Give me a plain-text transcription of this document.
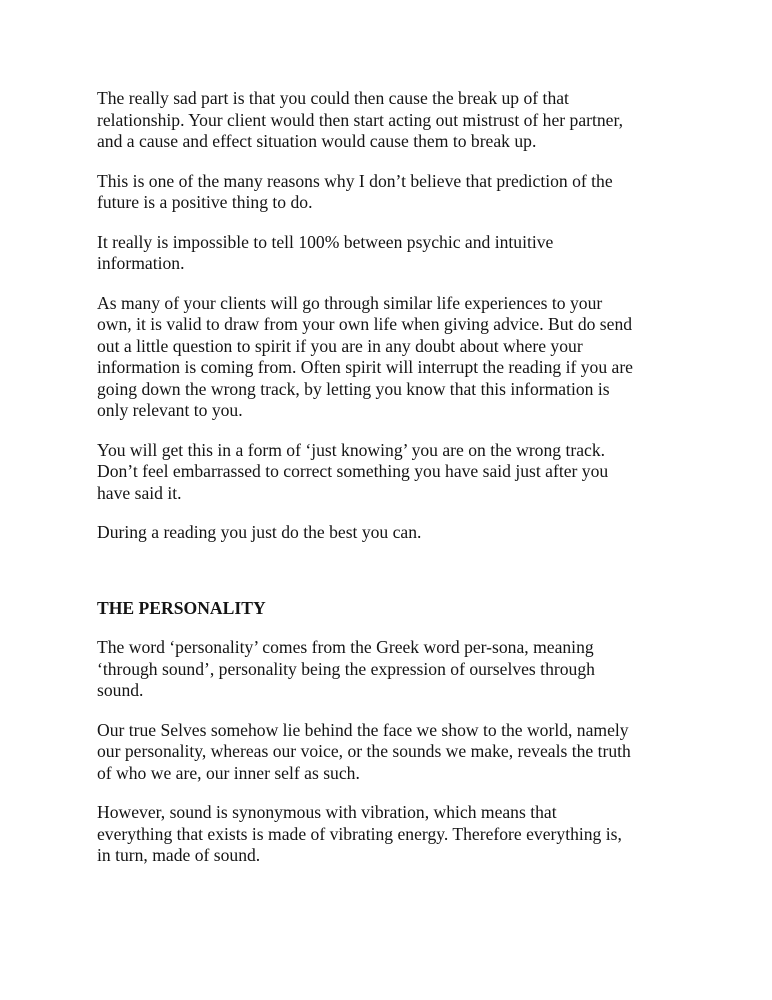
The really sad part is that you could then cause the break up of that
relationship. Your client would then start acting out mistrust of her partner,
and a cause and effect situation would cause them to break up.

This is one of the many reasons why I don’t believe that prediction of the
future is a positive thing to do.

It really is impossible to tell 100% between psychic and intuitive
information.

As many of your clients will go through similar life experiences to your
own, it is valid to draw from your own life when giving advice. But do send
out a little question to spirit if you are in any doubt about where your
information is coming from. Often spirit will interrupt the reading if you are
going down the wrong track, by letting you know that this information is
only relevant to you.

You will get this in a form of ‘just knowing’ you are on the wrong track.
Don’t feel embarrassed to correct something you have said just after you
have said it.

During a reading you just do the best you can.

THE PERSONALITY

The word ‘personality’ comes from the Greek word per-sona, meaning
‘through sound’, personality being the expression of ourselves through
sound.

Our true Selves somehow lie behind the face we show to the world, namely
our personality, whereas our voice, or the sounds we make, reveals the truth
of who we are, our inner self as such.

However, sound is synonymous with vibration, which means that
everything that exists is made of vibrating energy. Therefore everything is,
in turn, made of sound.
